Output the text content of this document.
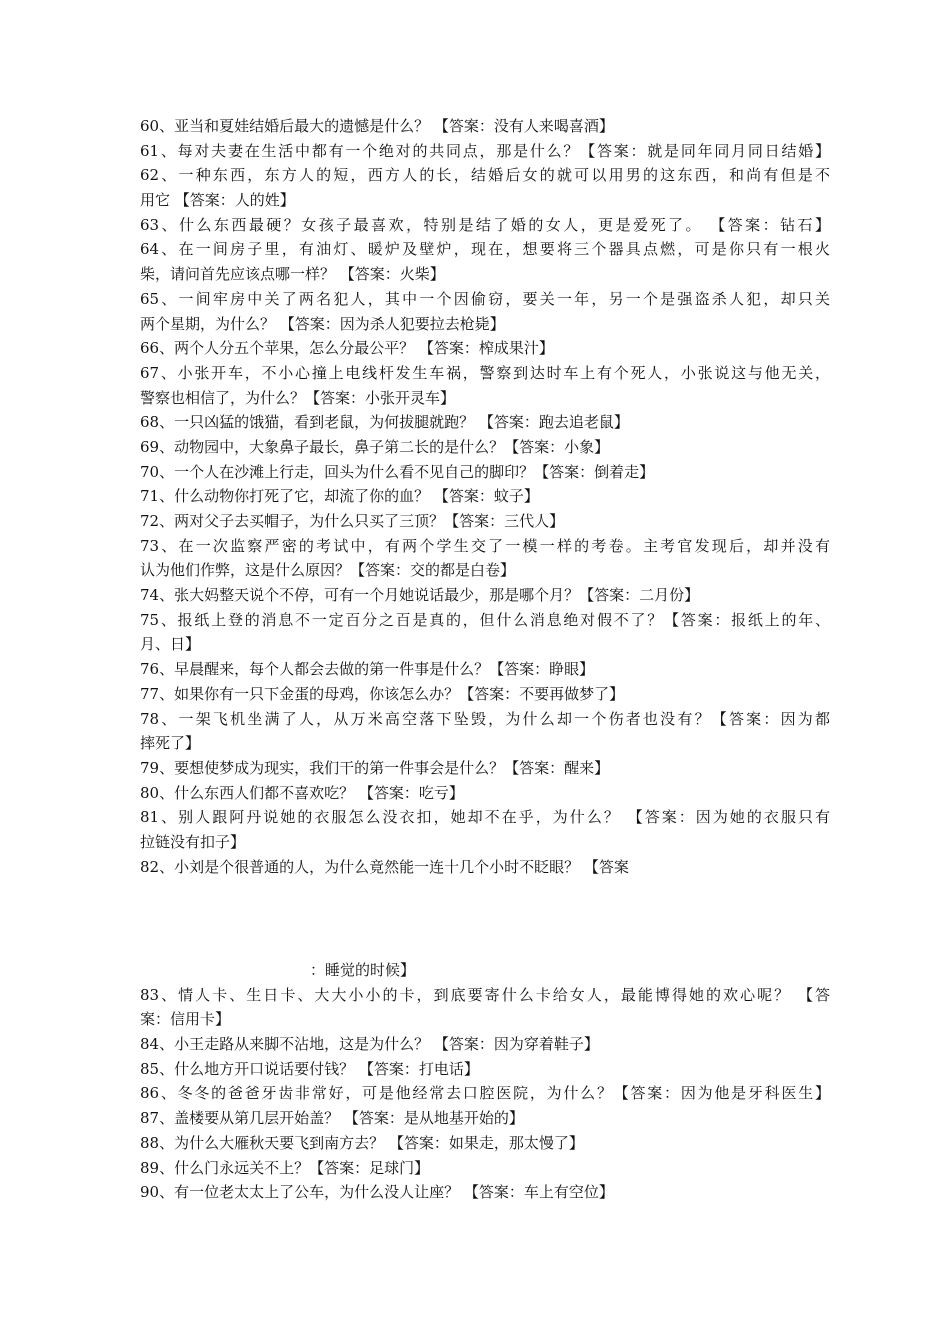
60、亚当和夏娃结婚后最大的遗憾是什么？ 【答案：没有人来喝喜酒】
61、每对夫妻在生活中都有一个绝对的共同点，那是什么？【答案：就是同年同月同日结婚】
62、一种东西，东方人的短，西方人的长，结婚后女的就可以用男的这东西，和尚有但是不
用它 【答案：人的姓】
63、什么东西最硬？女孩子最喜欢，特别是结了婚的女人，更是爱死了。 【答案：钻石】
64、在一间房子里，有油灯、暖炉及壁炉，现在，想要将三个器具点燃，可是你只有一根火
柴，请问首先应该点哪一样？ 【答案：火柴】
65、一间牢房中关了两名犯人，其中一个因偷窃，要关一年，另一个是强盗杀人犯，却只关
两个星期，为什么？ 【答案：因为杀人犯要拉去枪毙】
66、两个人分五个苹果，怎么分最公平？ 【答案：榨成果汁】
67、小张开车，不小心撞上电线杆发生车祸，警察到达时车上有个死人，小张说这与他无关，
警察也相信了，为什么？【答案：小张开灵车】
68、一只凶猛的饿猫，看到老鼠，为何拔腿就跑？ 【答案：跑去追老鼠】
69、动物园中，大象鼻子最长，鼻子第二长的是什么？【答案：小象】
70、一个人在沙滩上行走，回头为什么看不见自己的脚印？【答案：倒着走】
71、什么动物你打死了它，却流了你的血？ 【答案：蚊子】
72、两对父子去买帽子，为什么只买了三顶？【答案：三代人】
73、在一次监察严密的考试中，有两个学生交了一模一样的考卷。主考官发现后，却并没有
认为他们作弊，这是什么原因？【答案：交的都是白卷】
74、张大妈整天说个不停，可有一个月她说话最少，那是哪个月？【答案：二月份】
75、报纸上登的消息不一定百分之百是真的，但什么消息绝对假不了？【答案：报纸上的年、
月、日】
76、早晨醒来，每个人都会去做的第一件事是什么？【答案：睁眼】
77、如果你有一只下金蛋的母鸡，你该怎么办？【答案：不要再做梦了】
78、一架飞机坐满了人，从万米高空落下坠毁，为什么却一个伤者也没有？【答案：因为都
摔死了】
79、要想使梦成为现实，我们干的第一件事会是什么？【答案：醒来】
80、什么东西人们都不喜欢吃？ 【答案：吃亏】
81、别人跟阿丹说她的衣服怎么没衣扣，她却不在乎，为什么？ 【答案：因为她的衣服只有
拉链没有扣子】
82、小刘是个很普通的人，为什么竟然能一连十几个小时不眨眼？ 【答案
：睡觉的时候】
83、情人卡、生日卡、大大小小的卡，到底要寄什么卡给女人，最能博得她的欢心呢？ 【答
案：信用卡】
84、小王走路从来脚不沾地，这是为什么？ 【答案：因为穿着鞋子】
85、什么地方开口说话要付钱？ 【答案：打电话】
86、冬冬的爸爸牙齿非常好，可是他经常去口腔医院，为什么？【答案：因为他是牙科医生】
87、盖楼要从第几层开始盖？ 【答案：是从地基开始的】
88、为什么大雁秋天要飞到南方去？ 【答案：如果走，那太慢了】
89、什么门永远关不上？【答案：足球门】
90、有一位老太太上了公车，为什么没人让座？ 【答案：车上有空位】
